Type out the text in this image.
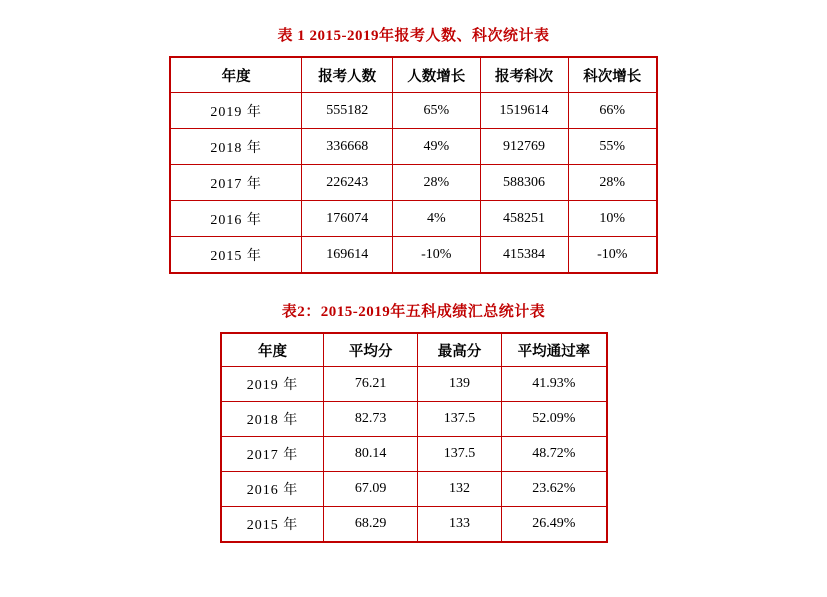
表 1 2015-2019年报考人数、科次统计表
年度	报考人数	人数增长	报考科次	科次增长
2019 年	555182	65%	1519614	66%
2018 年	336668	49%	912769	55%
2017 年	226243	28%	588306	28%
2016 年	176074	4%	458251	10%
2015 年	169614	-10%	415384	-10%
表2：2015-2019年五科成绩汇总统计表
年度	平均分	最高分	平均通过率
2019 年	76.21	139	41.93%
2018 年	82.73	137.5	52.09%
2017 年	80.14	137.5	48.72%
2016 年	67.09	132	23.62%
2015 年	68.29	133	26.49%
